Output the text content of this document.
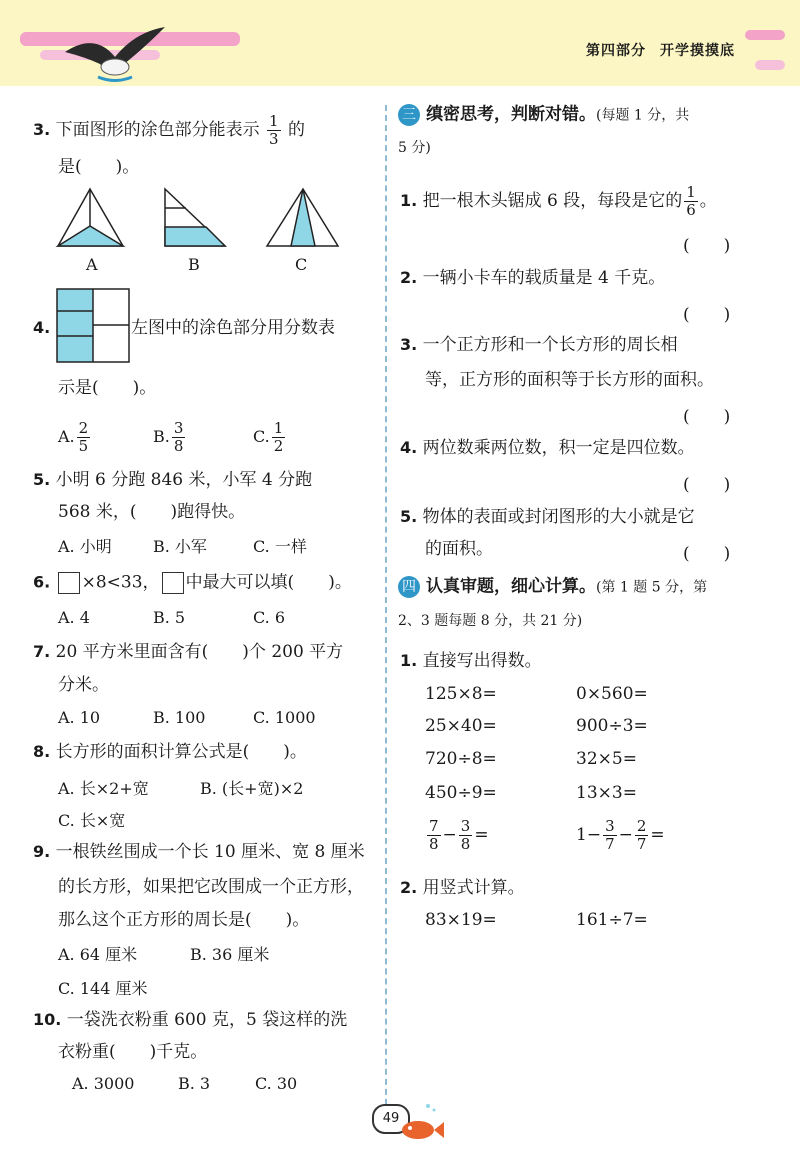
第四部分 开学摸摸底
3. 下面图形的涂色部分能表示 $\frac{1}{3}$ 的
是(　　)。
A	B	C
4.	左图中的涂色部分用分数表
示是(　　)。
A. $\frac{2}{5}$	B. $\frac{3}{8}$	C. $\frac{1}{2}$
5. 小明 6 分跑 846 米，小军 4 分跑
568 米，(　　)跑得快。
A. 小明	B. 小军	C. 一样
6. ×8<33， 中最大可以填(　　)。
A. 4	B. 5	C. 6
7. 20 平方米里面含有(　　)个 200 平方
分米。
A. 10	B. 100	C. 1000
8. 长方形的面积计算公式是(　　)。
A. 长×2+宽	B. (长+宽)×2
C. 长×宽
9. 一根铁丝围成一个长 10 厘米、宽 8 厘米
的长方形，如果把它改围成一个正方形，
那么这个正方形的周长是(　　)。
A. 64 厘米	B. 36 厘米
C. 144 厘米
10. 一袋洗衣粉重 600 克，5 袋这样的洗
衣粉重(　　)千克。
A. 3000	B. 3	C. 30
三 缜密思考，判断对错。(每题 1 分，共
5 分)
1. 把一根木头锯成 6 段，每段是它的 $\frac{1}{6}$ 。
(　　)
2. 一辆小卡车的载质量是 4 千克。
(　　)
3. 一个正方形和一个长方形的周长相
等，正方形的面积等于长方形的面积。
(　　)
4. 两位数乘两位数，积一定是四位数。
(　　)
5. 物体的表面或封闭图形的大小就是它
的面积。	(　　)
四 认真审题，细心计算。(第 1 题 5 分，第
2、3 题每题 8 分，共 21 分)
1. 直接写出得数。
125×8=	0×560=
25×40=	900÷3=
720÷8=	32×5=
450÷9=	13×3=
$\frac{7}{8} - \frac{3}{8}$ =	$1- \frac{3}{7} - \frac{2}{7}$ =
2. 用竖式计算。
83×19=	161÷7=
49
